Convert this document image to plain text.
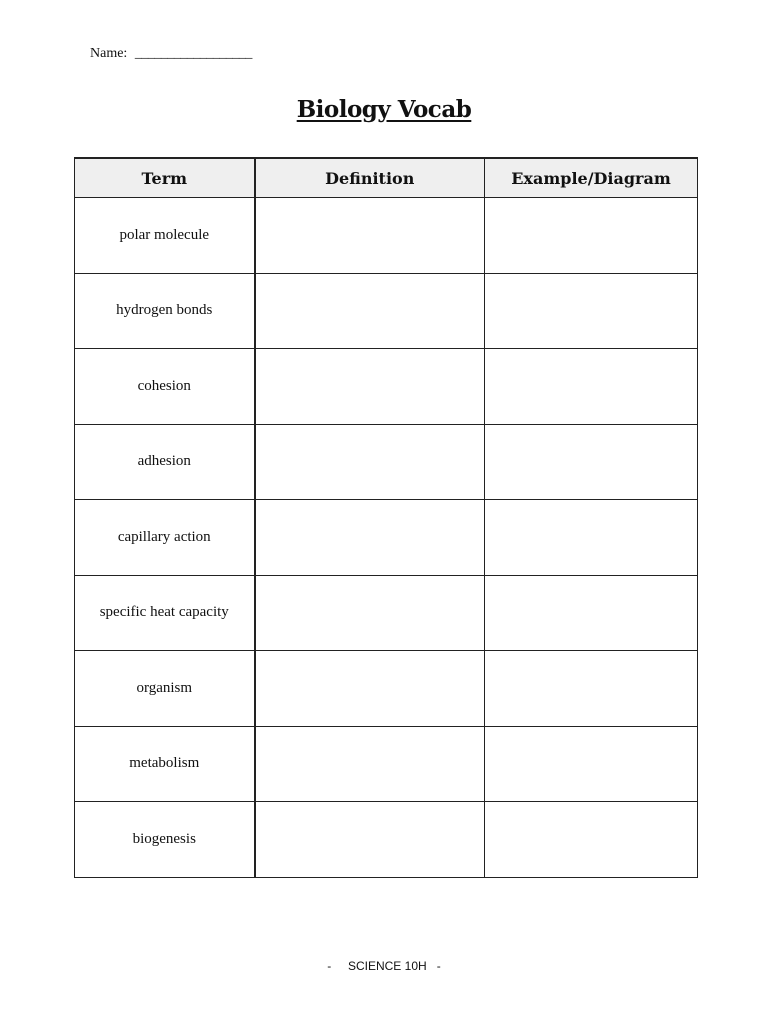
Name: __________________
Biology Vocab
Term	Definition	Example/Diagram
polar molecule		
hydrogen bonds		
cohesion		
adhesion		
capillary action		
specific heat capacity		
organism		
metabolism		
biogenesis		
- SCIENCE 10H -
